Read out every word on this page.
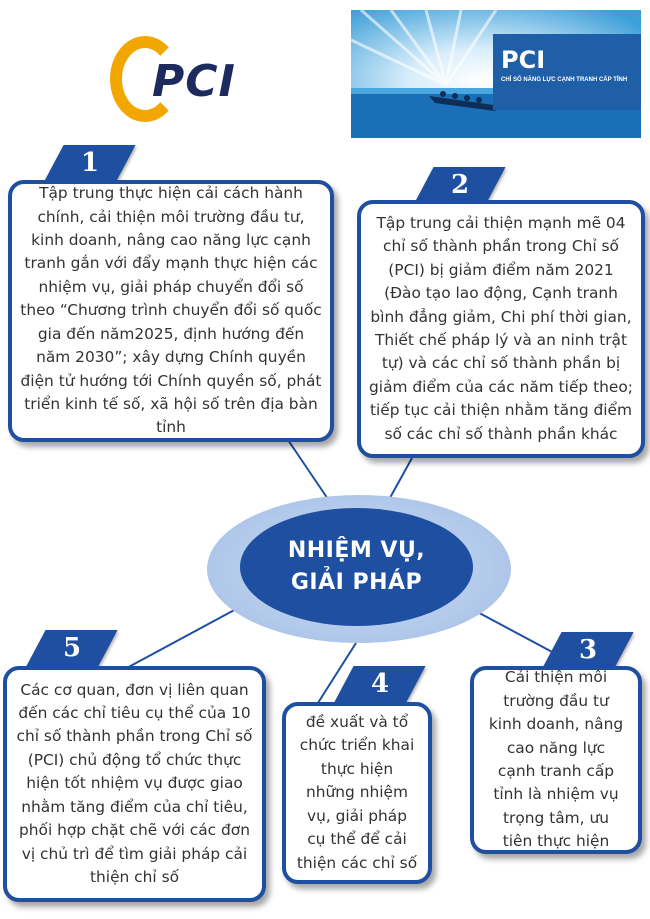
PCI	PCI
CHỈ SỐ NĂNG LỰC CẠNH TRANH CẤP TỈNH
1
Tập trung thực hiện cải cách hành chính, cải thiện môi trường đầu tư, kinh doanh, nâng cao năng lực cạnh tranh gắn với đẩy mạnh thực hiện các nhiệm vụ, giải pháp chuyển đổi số theo “Chương trình chuyển đổi số quốc gia đến năm2025, định hướng đến năm 2030”; xây dựng Chính quyền điện tử hướng tới Chính quyền số, phát triển kinh tế số, xã hội số trên địa bàn tỉnh
2
Tập trung cải thiện mạnh mẽ 04 chỉ số thành phần trong Chỉ số (PCI) bị giảm điểm năm 2021 (Đào tạo lao động, Cạnh tranh bình đẳng giảm, Chi phí thời gian, Thiết chế pháp lý và an ninh trật tự) và các chỉ số thành phần bị giảm điểm của các năm tiếp theo; tiếp tục cải thiện nhằm tăng điểm số các chỉ số thành phần khác
NHIỆM VỤ,
GIẢI PHÁP
5
Các cơ quan, đơn vị liên quan đến các chỉ tiêu cụ thể của 10 chỉ số thành phần trong Chỉ số (PCI) chủ động tổ chức thực hiện tốt nhiệm vụ được giao nhằm tăng điểm của chỉ tiêu, phối hợp chặt chẽ với các đơn vị chủ trì để tìm giải pháp cải thiện chỉ số
4
đề xuất và tổ chức triển khai thực hiện những nhiệm vụ, giải pháp cụ thể để cải thiện các chỉ số
3
Cải thiện môi trường đầu tư kinh doanh, nâng cao năng lực cạnh tranh cấp tỉnh là nhiệm vụ trọng tâm, ưu tiên thực hiện
